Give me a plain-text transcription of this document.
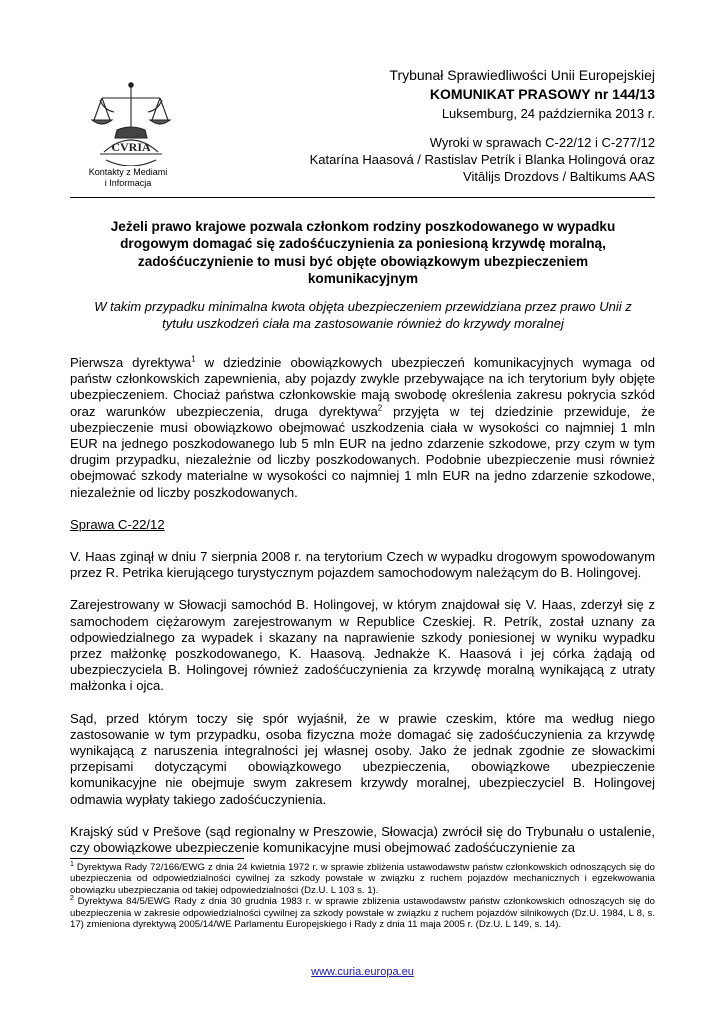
CVRIA
Kontakty z Mediami
i Informacja
Trybunał Sprawiedliwości Unii Europejskiej
KOMUNIKAT PRASOWY nr 144/13
Luksemburg, 24 października 2013 r.
Wyroki w sprawach C-22/12 i C-277/12
Katarína Haasová / Rastislav Petrík i Blanka Holingová oraz
Vitālijs Drozdovs / Baltikums AAS
Jeżeli prawo krajowe pozwala członkom rodziny poszkodowanego w wypadku drogowym domagać się zadośćuczynienia za poniesioną krzywdę moralną, zadośćuczynienie to musi być objęte obowiązkowym ubezpieczeniem komunikacyjnym
W takim przypadku minimalna kwota objęta ubezpieczeniem przewidziana przez prawo Unii z tytułu uszkodzeń ciała ma zastosowanie również do krzywdy moralnej

Pierwsza dyrektywa$^1$ w dziedzinie obowiązkowych ubezpieczeń komunikacyjnych wymaga od państw członkowskich zapewnienia, aby pojazdy zwykle przebywające na ich terytorium były objęte ubezpieczeniem. Chociaż państwa członkowskie mają swobodę określenia zakresu pokrycia szkód oraz warunków ubezpieczenia, druga dyrektywa$^2$ przyjęta w tej dziedzinie przewiduje, że ubezpieczenie musi obowiązkowo obejmować uszkodzenia ciała w wysokości co najmniej 1 mln EUR na jednego poszkodowanego lub 5 mln EUR na jedno zdarzenie szkodowe, przy czym w tym drugim przypadku, niezależnie od liczby poszkodowanych. Podobnie ubezpieczenie musi również obejmować szkody materialne w wysokości co najmniej 1 mln EUR na jedno zdarzenie szkodowe, niezależnie od liczby poszkodowanych.

Sprawa C-22/12

V. Haas zginął w dniu 7 sierpnia 2008 r. na terytorium Czech w wypadku drogowym spowodowanym przez R. Petrika kierującego turystycznym pojazdem samochodowym należącym do B. Holingovej.

Zarejestrowany w Słowacji samochód B. Holingovej, w którym znajdował się V. Haas, zderzył się z samochodem ciężarowym zarejestrowanym w Republice Czeskiej. R. Petrík, został uznany za odpowiedzialnego za wypadek i skazany na naprawienie szkody poniesionej w wyniku wypadku przez małżonkę poszkodowanego, K. Haasovą. Jednakże K. Haasová i jej córka żądają od ubezpieczyciela B. Holingovej również zadośćuczynienia za krzywdę moralną wynikającą z utraty małżonka i ojca.

Sąd, przed którym toczy się spór wyjaśnił, że w prawie czeskim, które ma według niego zastosowanie w tym przypadku, osoba fizyczna może domagać się zadośćuczynienia za krzywdę wynikającą z naruszenia integralności jej własnej osoby. Jako że jednak zgodnie ze słowackimi przepisami dotyczącymi obowiązkowego ubezpieczenia, obowiązkowe ubezpieczenie komunikacyjne nie obejmuje swym zakresem krzywdy moralnej, ubezpieczyciel B. Holingovej odmawia wypłaty takiego zadośćuczynienia.

Krajský súd v Prešove (sąd regionalny w Preszowie, Słowacja) zwrócił się do Trybunału o ustalenie, czy obowiązkowe ubezpieczenie komunikacyjne musi obejmować zadośćuczynienie za

$^1$ Dyrektywa Rady 72/166/EWG z dnia 24 kwietnia 1972 r. w sprawie zbliżenia ustawodawstw państw członkowskich odnoszących się do ubezpieczenia od odpowiedzialności cywilnej za szkody powstałe w związku z ruchem pojazdów mechanicznych i egzekwowania obowiązku ubezpieczania od takiej odpowiedzialności (Dz.U. L 103 s. 1).

$^2$ Dyrektywa 84/5/EWG Rady z dnia 30 grudnia 1983 r. w sprawie zbliżenia ustawodawstw państw członkowskich odnoszących się do ubezpieczenia w zakresie odpowiedzialności cywilnej za szkody powstałe w związku z ruchem pojazdów silnikowych (Dz.U. 1984, L 8, s. 17) zmieniona dyrektywą 2005/14/WE Parlamentu Europejskiego i Rady z dnia 11 maja 2005 r. (Dz.U. L 149, s. 14).

www.curia.europa.eu
